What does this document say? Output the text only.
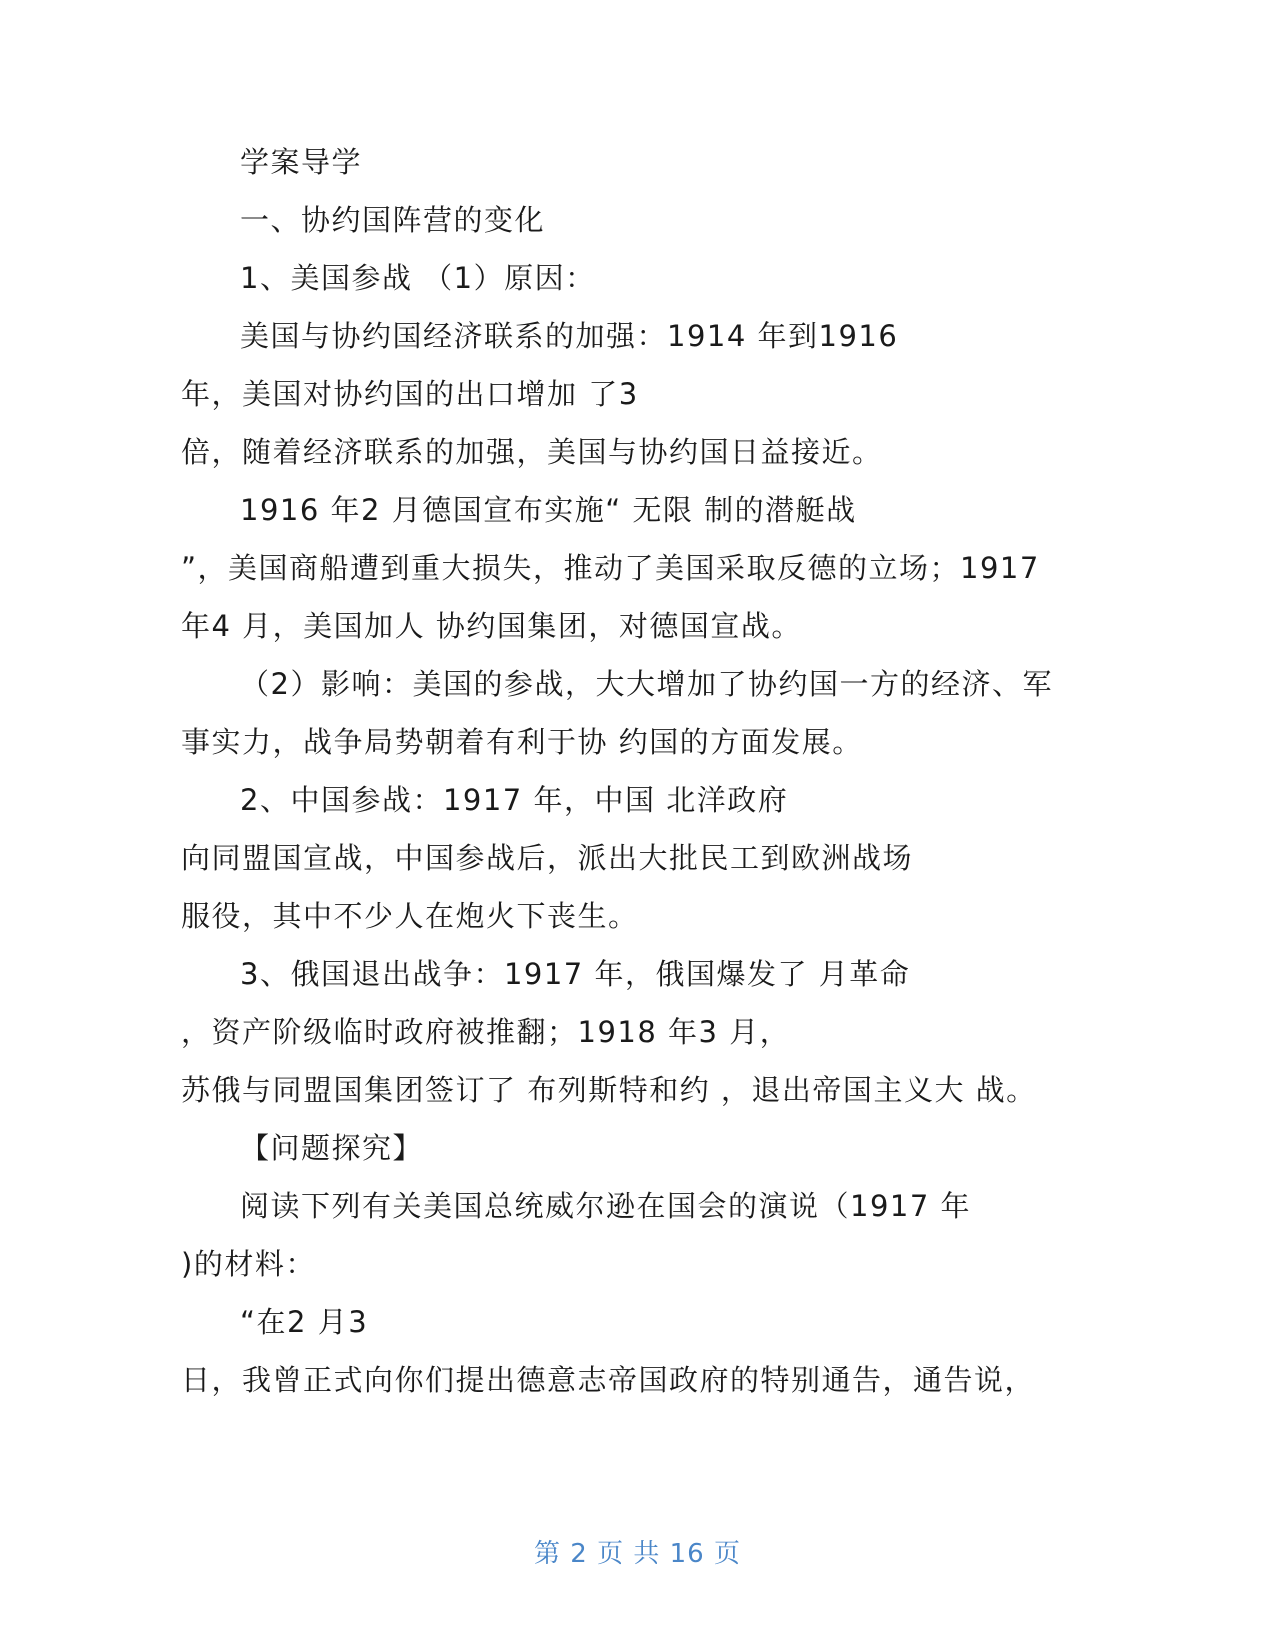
学案导学
一、协约国阵营的变化
1、美国参战 （1）原因：
美国与协约国经济联系的加强：1914 年到1916
年，美国对协约国的出口增加 了3
倍，随着经济联系的加强，美国与协约国日益接近。
1916 年2 月德国宣布实施“ 无限 制的潜艇战
”，美国商船遭到重大损失，推动了美国采取反德的立场；1917
年4 月，美国加人 协约国集团，对德国宣战。
（2）影响：美国的参战，大大增加了协约国一方的经济、军
事实力，战争局势朝着有利于协 约国的方面发展。
2、中国参战：1917 年，中国 北洋政府
向同盟国宣战，中国参战后，派出大批民工到欧洲战场
服役，其中不少人在炮火下丧生。
3、俄国退出战争：1917 年，俄国爆发了 月革命
，资产阶级临时政府被推翻；1918 年3 月，
苏俄与同盟国集团签订了 布列斯特和约 ，退出帝国主义大 战。
【问题探究】
阅读下列有关美国总统威尔逊在国会的演说（1917 年
)的材料：
“在2 月3
日，我曾正式向你们提出德意志帝国政府的特别通告，通告说，
第 2 页 共 16 页
